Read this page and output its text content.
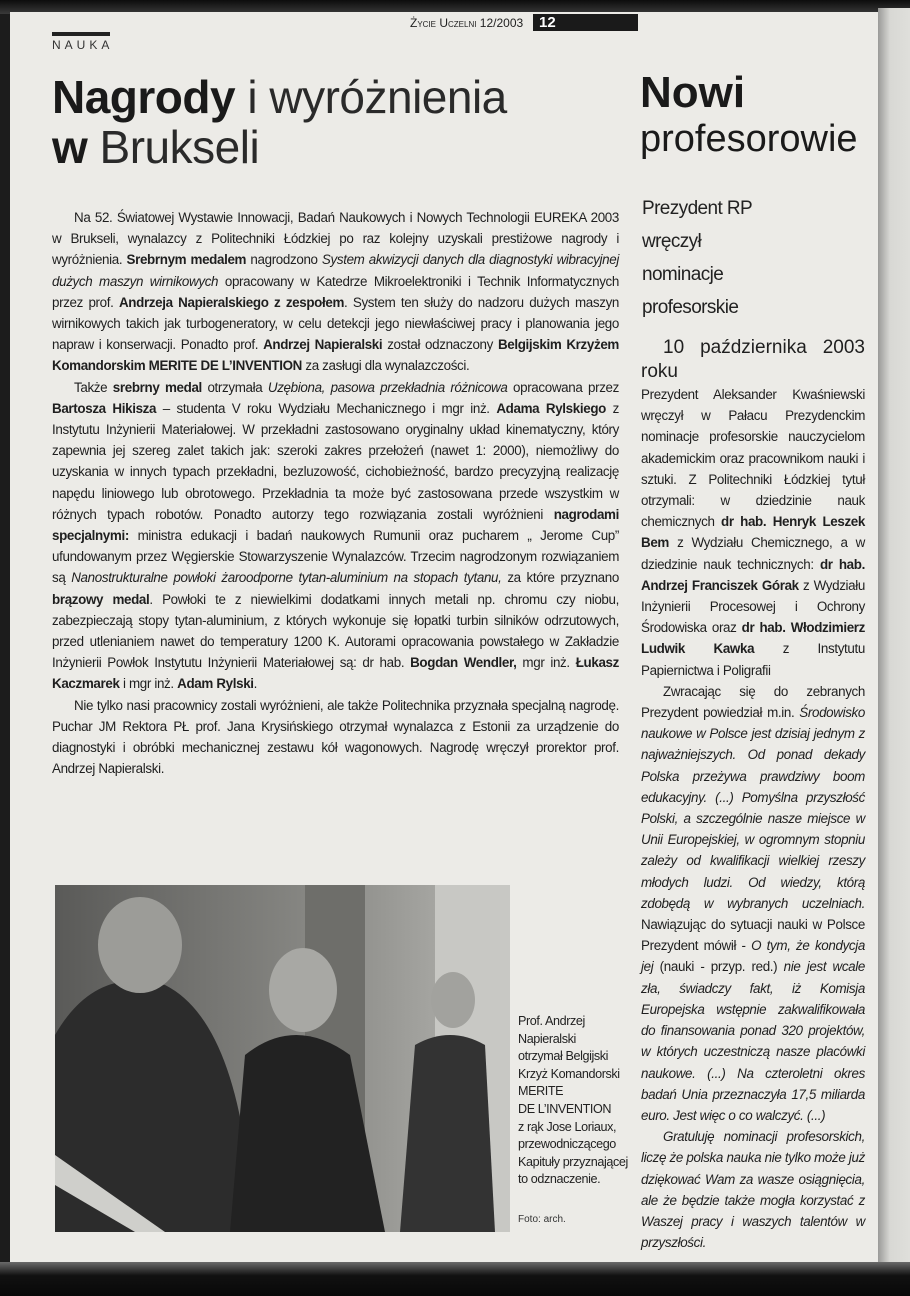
Życie Uczelni 12/2003	12
NAUKA
Nagrody i wyróżnienia
w Brukseli

Na 52. Światowej Wystawie Innowacji, Badań Naukowych i Nowych Technologii EUREKA 2003 w Brukseli, wynalazcy z Politechniki Łódzkiej po raz kolejny uzyskali prestiżowe nagrody i wyróżnienia. Srebrnym medalem nagrodzono System akwizycji danych dla diagnostyki wibracyjnej dużych maszyn wirnikowych opracowany w Katedrze Mikroelektroniki i Technik Informatycznych przez prof. Andrzeja Napieralskiego z zespołem. System ten służy do nadzoru dużych maszyn wirnikowych takich jak turbogeneratory, w celu detekcji jego niewłaściwej pracy i planowania jego napraw i konserwacji. Ponadto prof. Andrzej Napieralski został odznaczony Belgijskim Krzyżem Komandorskim MERITE DE L’INVENTION za zasługi dla wynalazczości.

Także srebrny medal otrzymała Uzębiona, pasowa przekładnia różnicowa opracowana przez Bartosza Hikisza – studenta V roku Wydziału Mechanicznego i mgr inż. Adama Rylskiego z Instytutu Inżynierii Materiałowej. W przekładni zastosowano oryginalny układ kinematyczny, który zapewnia jej szereg zalet takich jak: szeroki zakres przełożeń (nawet 1: 2000), niemożliwy do uzyskania w innych typach przekładni, bezluzowość, cichobieżność, bardzo precyzyjną realizację napędu liniowego lub obrotowego. Przekładnia ta może być zastosowana przede wszystkim w różnych typach robotów. Ponadto autorzy tego rozwiązania zostali wyróżnieni nagrodami specjalnymi: ministra edukacji i badań naukowych Rumunii oraz pucharem „ Jerome Cup” ufundowanym przez Węgierskie Stowarzyszenie Wynalazców. Trzecim nagrodzonym rozwiązaniem są Nanostrukturalne powłoki żaroodporne tytan-aluminium na stopach tytanu, za które przyznano brązowy medal. Powłoki te z niewielkimi dodatkami innych metali np. chromu czy niobu, zabezpieczają stopy tytan-aluminium, z których wykonuje się łopatki turbin silników odrzutowych, przed utlenianiem nawet do temperatury 1200 K. Autorami opracowania powstałego w Zakładzie Inżynierii Powłok Instytutu Inżynierii Materiałowej są: dr hab. Bogdan Wendler, mgr inż. Łukasz Kaczmarek i mgr inż. Adam Rylski.

Nie tylko nasi pracownicy zostali wyróżnieni, ale także Politechnika przyznała specjalną nagrodę. Puchar JM Rektora PŁ prof. Jana Krysińskiego otrzymał wynalazca z Estonii za urządzenie do diagnostyki i obróbki mechanicznej zestawu kół wagonowych. Nagrodę wręczył prorektor prof. Andrzej Napieralski.

Prof. Andrzej
Napieralski
otrzymał Belgijski
Krzyż Komandorski
MERITE
DE L’INVENTION
z rąk Jose Loriaux,
przewodniczącego
Kapituły przyznającej
to odznaczenie.
Foto: arch.
Nowi
profesorowie
Prezydent RP
wręczył
nominacje
profesorskie

10 października 2003 roku

Prezydent Aleksander Kwaśniewski wręczył w Pałacu Prezydenckim nominacje profesorskie nauczycielom akademickim oraz pracownikom nauki i sztuki. Z Politechniki Łódzkiej tytuł otrzymali: w dziedzinie nauk chemicznych dr hab. Henryk Leszek Bem z Wydziału Chemicznego, a w dziedzinie nauk technicznych: dr hab. Andrzej Franciszek Górak z Wydziału Inżynierii Procesowej i Ochrony Środowiska oraz dr hab. Włodzimierz Ludwik Kawka z Instytutu Papiernictwa i Poligrafii

Zwracając się do zebranych Prezydent powiedział m.in. Środowisko naukowe w Polsce jest dzisiaj jednym z najważniejszych. Od ponad dekady Polska przeżywa prawdziwy boom edukacyjny. (...) Pomyślna przyszłość Polski, a szczególnie nasze miejsce w Unii Europejskiej, w ogromnym stopniu zależy od kwalifikacji wielkiej rzeszy młodych ludzi. Od wiedzy, którą zdobędą w wybranych uczelniach. Nawiązując do sytuacji nauki w Polsce Prezydent mówił - O tym, że kondycja jej (nauki - przyp. red.) nie jest wcale zła, świadczy fakt, iż Komisja Europejska wstępnie zakwalifikowała do finansowania ponad 320 projektów, w których uczestniczą nasze placówki naukowe. (...) Na czteroletni okres badań Unia przeznaczyła 17,5 miliarda euro. Jest więc o co walczyć. (...)

Gratuluję nominacji profesorskich, liczę że polska nauka nie tylko może już dziękować Wam za wasze osiągnięcia, ale że będzie także mogła korzystać z Waszej pracy i waszych talentów w przyszłości.
